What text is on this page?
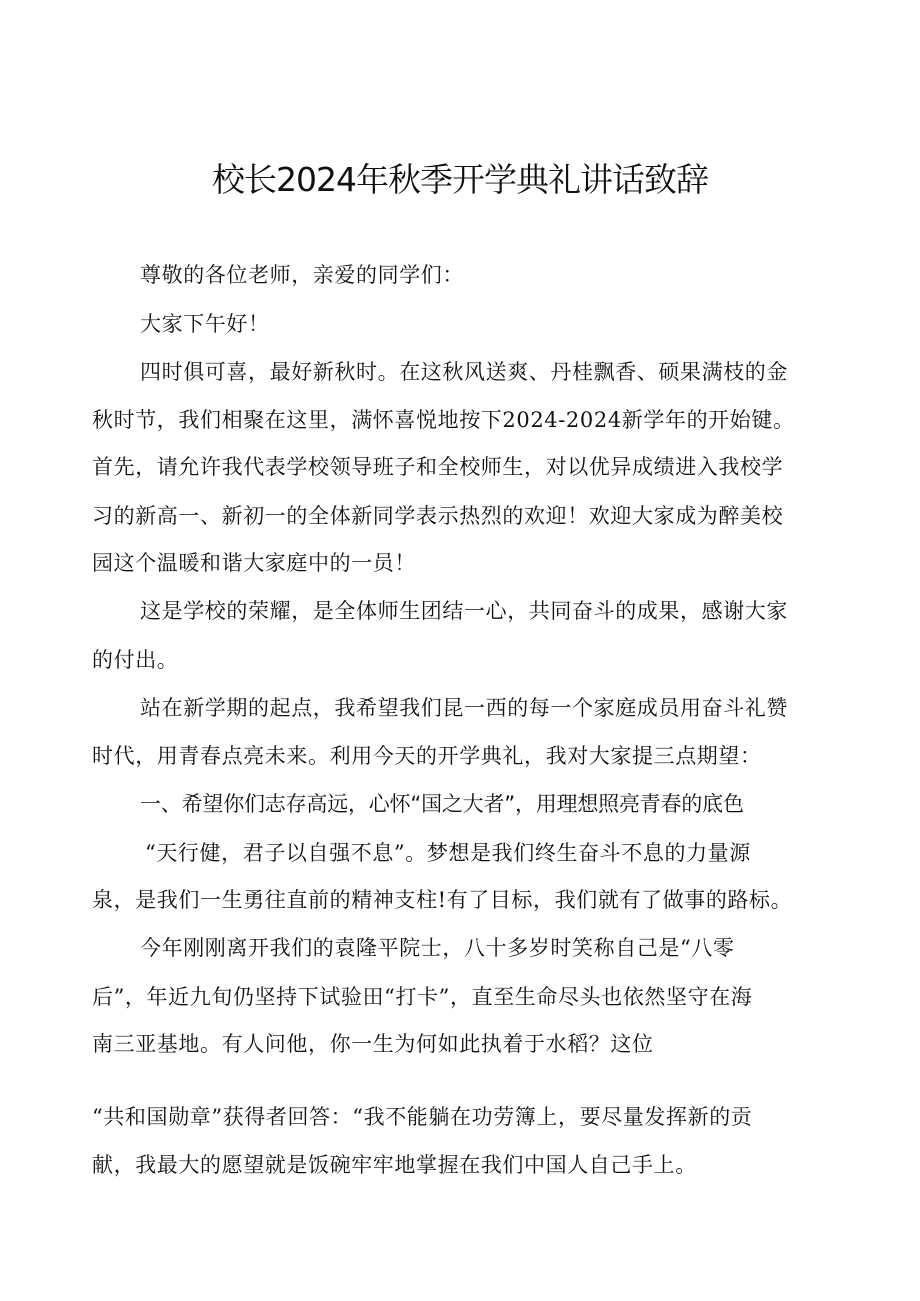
校长2024年秋季开学典礼讲话致辞

尊敬的各位老师，亲爱的同学们：

大家下午好！

四时俱可喜，最好新秋时。在这秋风送爽、丹桂飘香、硕果满枝的金

秋时节，我们相聚在这里，满怀喜悦地按下2024-2024新学年的开始键。

首先，请允许我代表学校领导班子和全校师生，对以优异成绩进入我校学

习的新高一、新初一的全体新同学表示热烈的欢迎！欢迎大家成为醉美校

园这个温暖和谐大家庭中的一员！

这是学校的荣耀，是全体师生团结一心，共同奋斗的成果，感谢大家

的付出。

站在新学期的起点，我希望我们昆一西的每一个家庭成员用奋斗礼赞

时代，用青春点亮未来。利用今天的开学典礼，我对大家提三点期望：

一、希望你们志存高远，心怀“国之大者”，用理想照亮青春的底色

“天行健，君子以自强不息”。梦想是我们终生奋斗不息的力量源

泉，是我们一生勇往直前的精神支柱!有了目标，我们就有了做事的路标。

今年刚刚离开我们的袁隆平院士，八十多岁时笑称自己是“八零

后”，年近九旬仍坚持下试验田“打卡”，直至生命尽头也依然坚守在海

南三亚基地。有人问他，你一生为何如此执着于水稻？这位

“共和国勋章”获得者回答：“我不能躺在功劳簿上，要尽量发挥新的贡

献，我最大的愿望就是饭碗牢牢地掌握在我们中国人自己手上。
